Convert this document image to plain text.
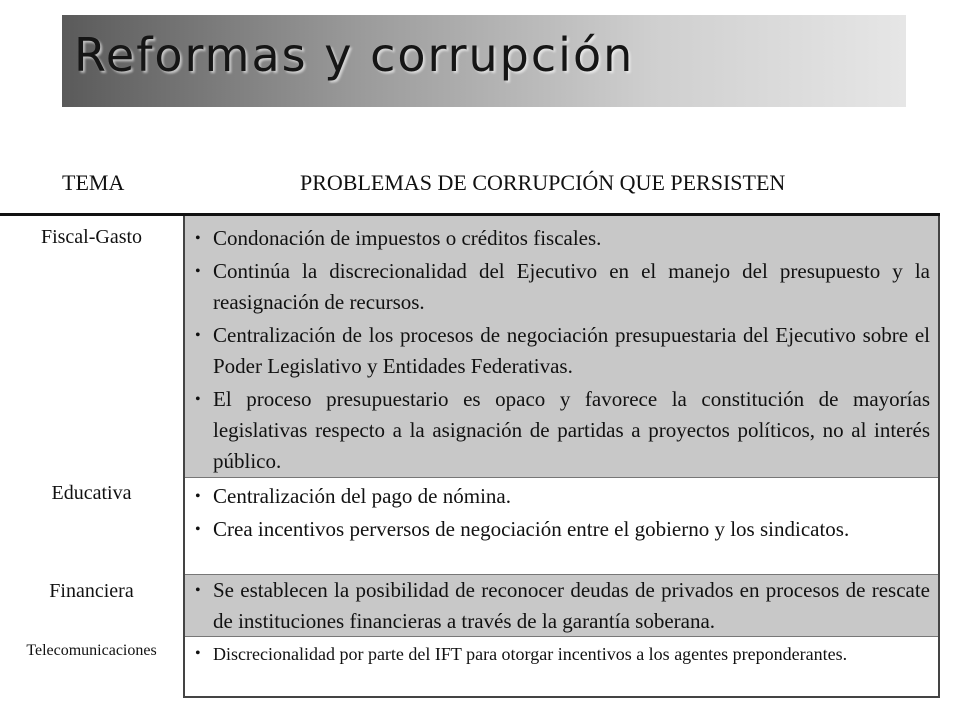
Reformas y corrupción
TEMA	PROBLEMAS DE CORRUPCIÓN QUE PERSISTEN
Fiscal-Gasto
Educativa
Financiera
Telecomunicaciones
• Condonación de impuestos o créditos fiscales.
• Continúa la discrecionalidad del Ejecutivo en el manejo del presupuesto y la reasignación de recursos.
• Centralización de los procesos de negociación presupuestaria del Ejecutivo sobre el Poder Legislativo y Entidades Federativas.
• El proceso presupuestario es opaco y favorece la constitución de mayorías legislativas respecto a la asignación de partidas a proyectos políticos, no al interés público.
• Centralización del pago de nómina.
• Crea incentivos perversos de negociación entre el gobierno y los sindicatos.
• Se establecen la posibilidad de reconocer deudas de privados en procesos de rescate de instituciones financieras a través de la garantía soberana.
• Discrecionalidad por parte del IFT para otorgar incentivos a los agentes preponderantes.
